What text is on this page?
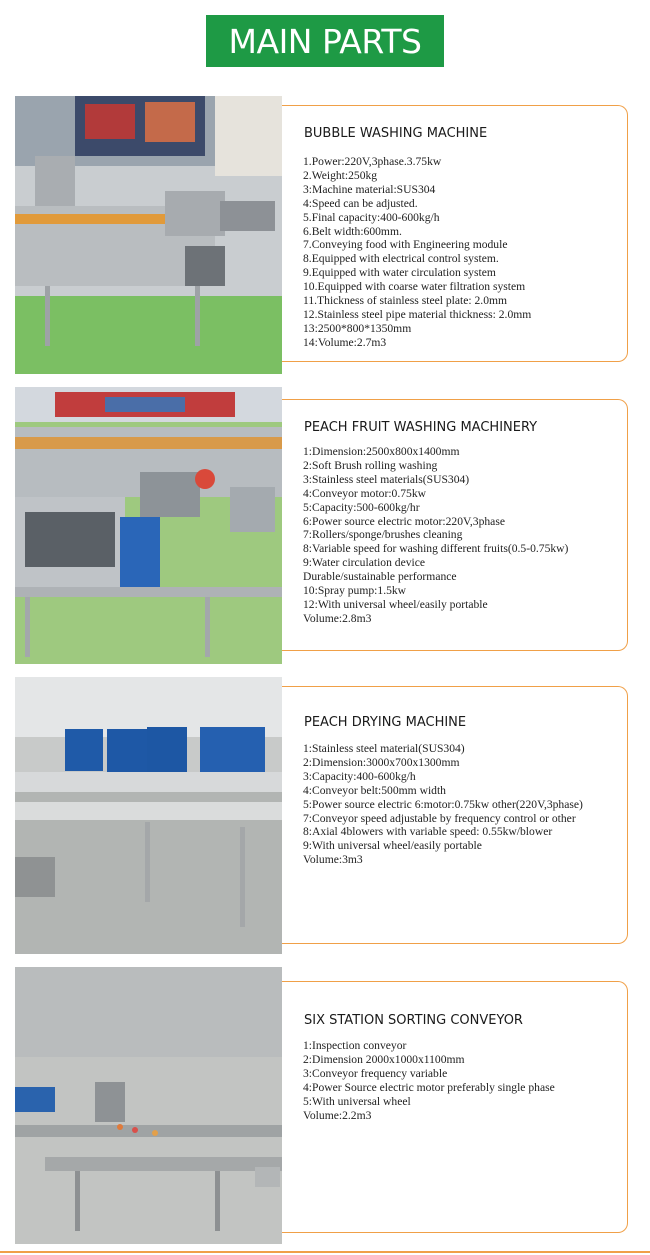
MAIN PARTS
BUBBLE WASHING MACHINE
1.Power:220V,3phase.3.75kw
2.Weight:250kg
3:Machine material:SUS304
4:Speed can be adjusted.
5.Final capacity:400-600kg/h
6.Belt width:600mm.
7.Conveying food with Engineering module
8.Equipped with electrical control system.
9.Equipped with water circulation system
10.Equipped with coarse water filtration system
11.Thickness of stainless steel plate: 2.0mm
12.Stainless steel pipe material thickness: 2.0mm
13:2500*800*1350mm
14:Volume:2.7m3
PEACH FRUIT WASHING MACHINERY
1:Dimension:2500x800x1400mm
2:Soft Brush rolling washing
3:Stainless steel materials(SUS304)
4:Conveyor motor:0.75kw
5:Capacity:500-600kg/hr
6:Power source electric motor:220V,3phase
7:Rollers/sponge/brushes cleaning
8:Variable speed for washing different fruits(0.5-0.75kw)
9:Water circulation device
Durable/sustainable performance
10:Spray pump:1.5kw
12:With universal wheel/easily portable
Volume:2.8m3
PEACH DRYING MACHINE
1:Stainless steel material(SUS304)
2:Dimension:3000x700x1300mm
3:Capacity:400-600kg/h
4:Conveyor belt:500mm width
5:Power source electric 6:motor:0.75kw other(220V,3phase)
7:Conveyor speed adjustable by frequency control or other
8:Axial 4blowers with variable speed: 0.55kw/blower
9:With universal wheel/easily portable
Volume:3m3
SIX STATION SORTING CONVEYOR
1:Inspection conveyor
2:Dimension 2000x1000x1100mm
3:Conveyor frequency variable
4:Power Source electric motor preferably single phase
5:With universal wheel
Volume:2.2m3
